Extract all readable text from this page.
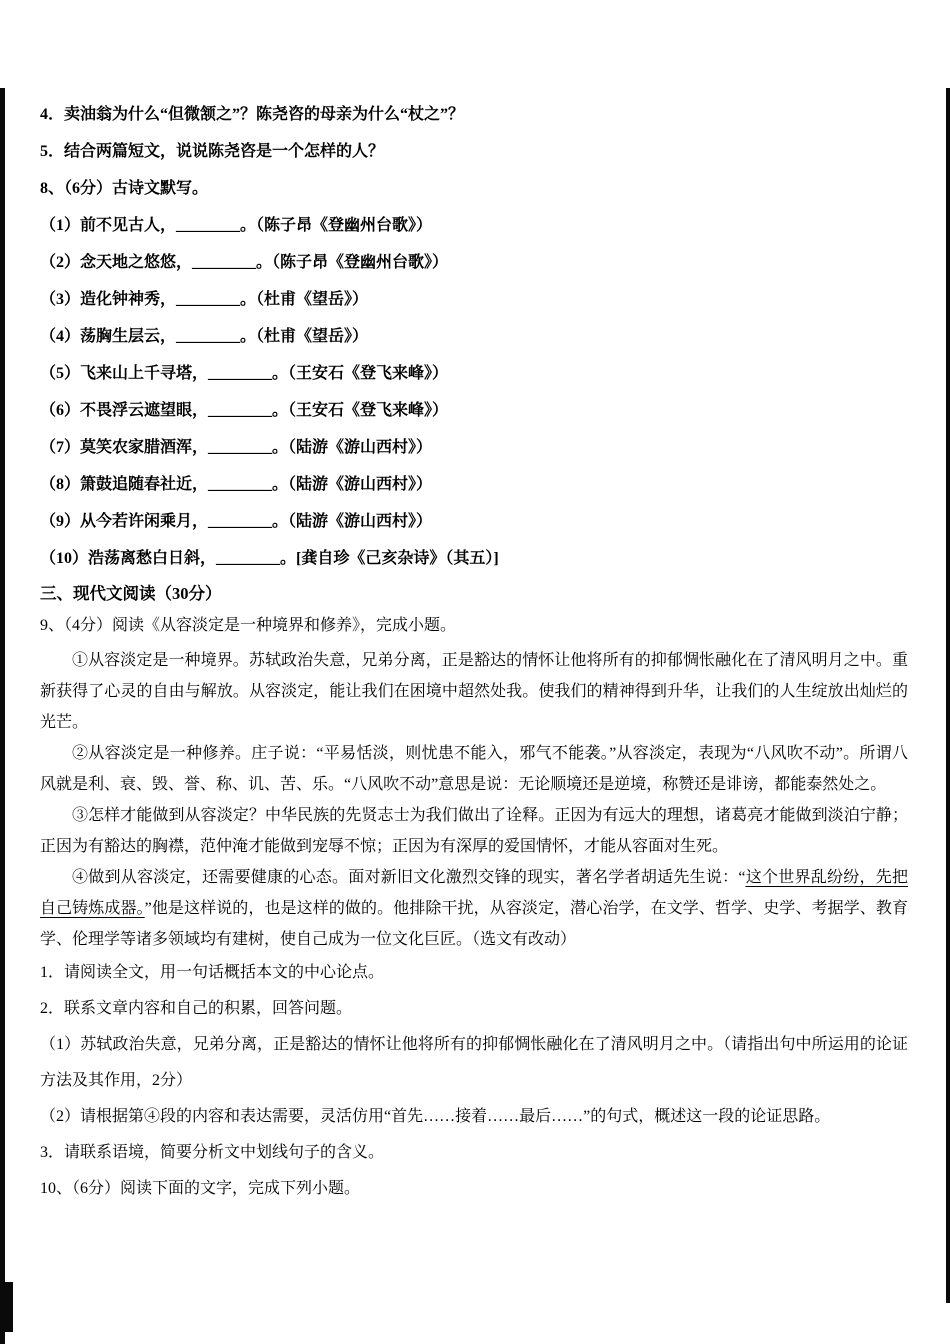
4．卖油翁为什么“但微颔之”？陈尧咨的母亲为什么“杖之”？

5．结合两篇短文，说说陈尧咨是一个怎样的人？

8、（6分）古诗文默写。

（1）前不见古人，________。（陈子昂《登幽州台歌》）

（2）念天地之悠悠，________。（陈子昂《登幽州台歌》）

（3）造化钟神秀，________。（杜甫《望岳》）

（4）荡胸生层云，________。（杜甫《望岳》）

（5）飞来山上千寻塔，________。（王安石《登飞来峰》）

（6）不畏浮云遮望眼，________。（王安石《登飞来峰》）

（7）莫笑农家腊酒浑，________。（陆游《游山西村》）

（8）箫鼓追随春社近，________。（陆游《游山西村》）

（9）从今若许闲乘月，________。（陆游《游山西村》）

（10）浩荡离愁白日斜，________。[龚自珍《己亥杂诗》（其五）]

三、现代文阅读（30分）

9、（4分）阅读《从容淡定是一种境界和修养》，完成小题。

①从容淡定是一种境界。苏轼政治失意，兄弟分离，正是豁达的情怀让他将所有的抑郁惆怅融化在了清风明月之中。重新获得了心灵的自由与解放。从容淡定，能让我们在困境中超然处我。使我们的精神得到升华，让我们的人生绽放出灿烂的光芒。

②从容淡定是一种修养。庄子说：“平易恬淡，则忧患不能入，邪气不能袭。”从容淡定，表现为“八风吹不动”。所谓八风就是利、衰、毁、誉、称、讥、苦、乐。“八风吹不动”意思是说：无论顺境还是逆境，称赞还是诽谤，都能泰然处之。

③怎样才能做到从容淡定？中华民族的先贤志士为我们做出了诠释。正因为有远大的理想，诸葛亮才能做到淡泊宁静；正因为有豁达的胸襟，范仲淹才能做到宠辱不惊；正因为有深厚的爱国情怀，才能从容面对生死。

④做到从容淡定，还需要健康的心态。面对新旧文化激烈交锋的现实，著名学者胡适先生说：“这个世界乱纷纷，先把自己铸炼成器。”他是这样说的，也是这样的做的。他排除干扰，从容淡定，潜心治学，在文学、哲学、史学、考据学、教育学、伦理学等诸多领域均有建树，使自己成为一位文化巨匠。（选文有改动）

1．请阅读全文，用一句话概括本文的中心论点。

2．联系文章内容和自己的积累，回答问题。

（1）苏轼政治失意，兄弟分离，正是豁达的情怀让他将所有的抑郁惆怅融化在了清风明月之中。（请指出句中所运用的论证方法及其作用，2分）

（2）请根据第④段的内容和表达需要，灵活仿用“首先……接着……最后……”的句式，概述这一段的论证思路。

3．请联系语境，简要分析文中划线句子的含义。

10、（6分）阅读下面的文字，完成下列小题。
